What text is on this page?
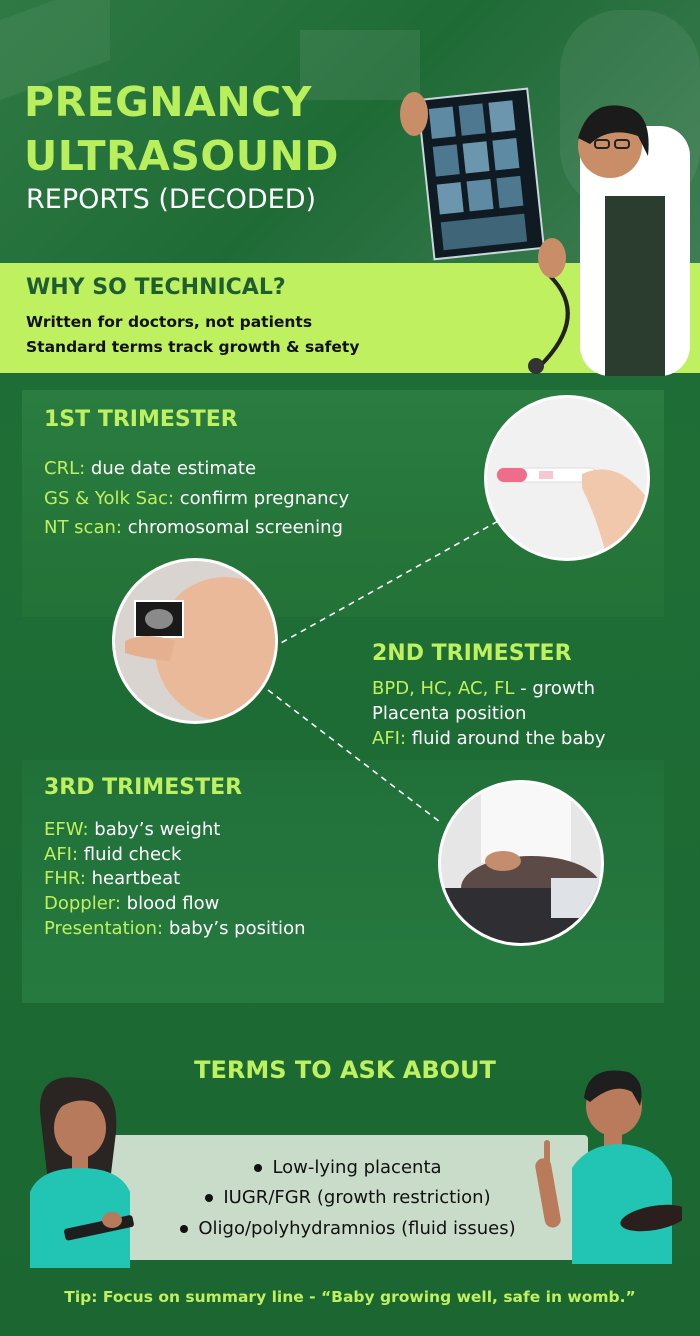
PREGNANCY
ULTRASOUND
REPORTS (DECODED)
WHY SO TECHNICAL?
Written for doctors, not patients
Standard terms track growth & safety
1ST TRIMESTER
CRL: due date estimate
GS & Yolk Sac: confirm pregnancy
NT scan: chromosomal screening
2ND TRIMESTER
BPD, HC, AC, FL - growth
Placenta position
AFI: fluid around the baby
3RD TRIMESTER
EFW: baby’s weight
AFI: fluid check
FHR: heartbeat
Doppler: blood flow
Presentation: baby’s position
TERMS TO ASK ABOUT
Low-lying placenta
IUGR/FGR (growth restriction)
Oligo/polyhydramnios (fluid issues)
Tip: Focus on summary line - “Baby growing well, safe in womb.”
